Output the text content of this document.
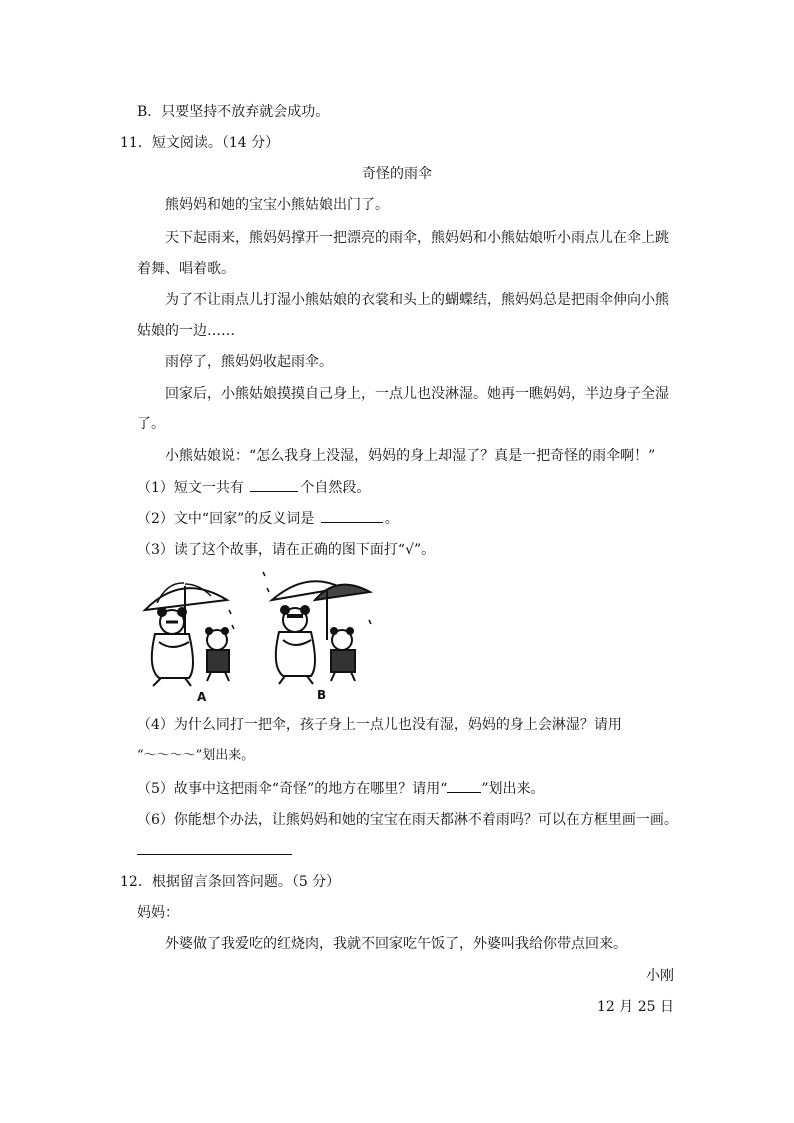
B．只要坚持不放弃就会成功。
11．短文阅读。（14 分）
奇怪的雨伞
熊妈妈和她的宝宝小熊姑娘出门了。
天下起雨来，熊妈妈撑开一把漂亮的雨伞，熊妈妈和小熊姑娘听小雨点儿在伞上跳
着舞、唱着歌。
为了不让雨点儿打湿小熊姑娘的衣裳和头上的蝴蝶结，熊妈妈总是把雨伞伸向小熊
姑娘的一边……
雨停了，熊妈妈收起雨伞。
回家后，小熊姑娘摸摸自己身上，一点儿也没淋湿。她再一瞧妈妈，半边身子全湿
了。
小熊姑娘说：“怎么我身上没湿，妈妈的身上却湿了？真是一把奇怪的雨伞啊！”
（1）短文一共有	个自然段。
（2）文中“回家”的反义词是	。
（3）读了这个故事，请在正确的图下面打“√”。
A	B
（4）为什么同打一把伞，孩子身上一点儿也没有湿，妈妈的身上会淋湿？请用
“～～～～”划出来。
（5）故事中这把雨伞“奇怪”的地方在哪里？请用“ ”划出来。
（6）你能想个办法，让熊妈妈和她的宝宝在雨天都淋不着雨吗？可以在方框里画一画。
12．根据留言条回答问题。（5 分）
妈妈：
外婆做了我爱吃的红烧肉，我就不回家吃午饭了，外婆叫我给你带点回来。
小刚
12 月 25 日
